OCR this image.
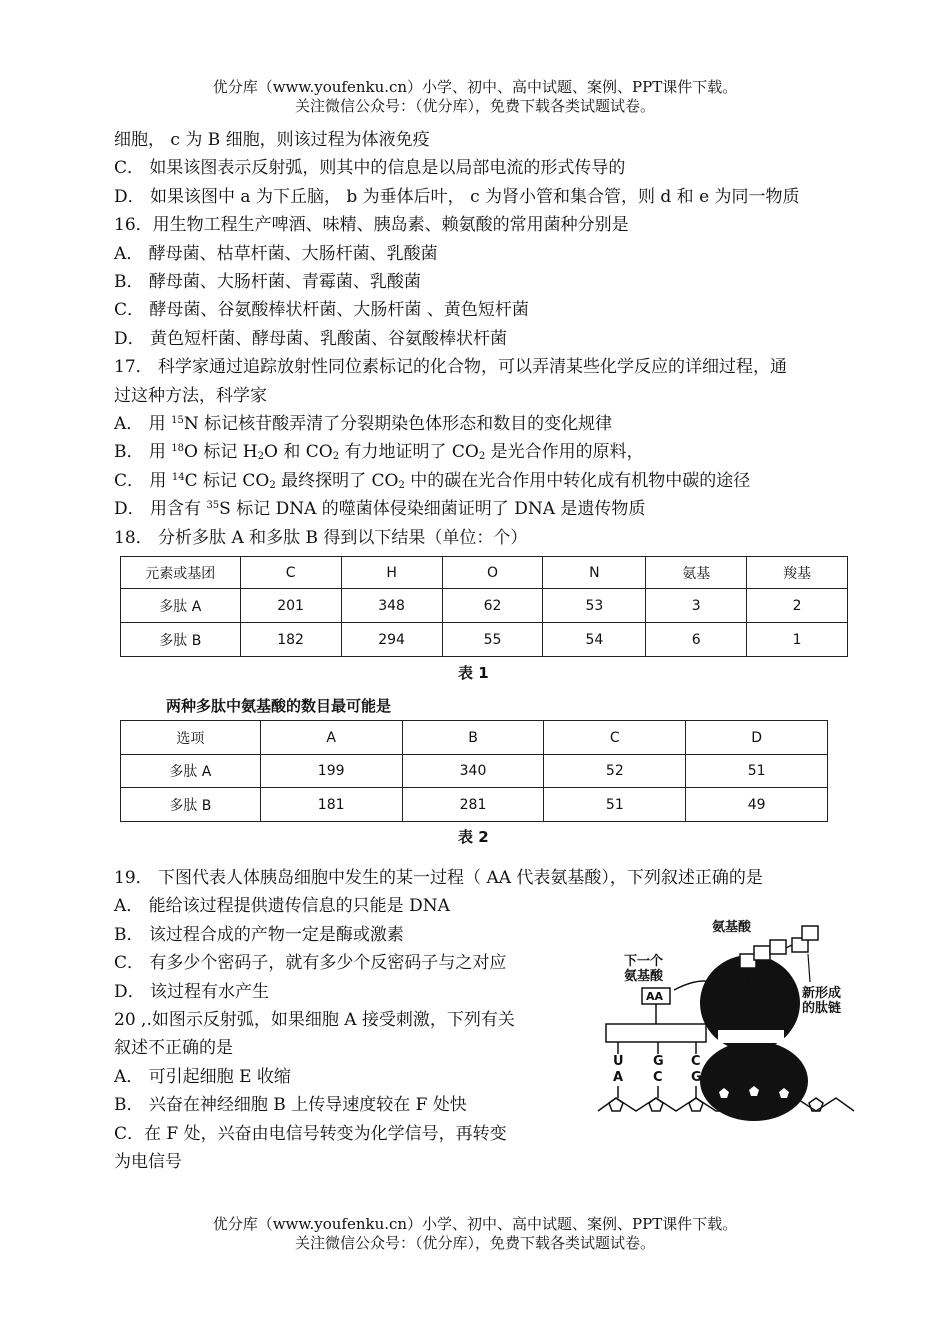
优分库（www.youfenku.cn）小学、初中、高中试题、案例、PPT课件下载。
关注微信公众号：（优分库），免费下载各类试题试卷。
细胞， c 为 B 细胞，则该过程为体液免疫
C． 如果该图表示反射弧，则其中的信息是以局部电流的形式传导的
D． 如果该图中 a 为下丘脑， b 为垂体后叶， c 为肾小管和集合管，则 d 和 e 为同一物质
16．用生物工程生产啤酒、味精、胰岛素、赖氨酸的常用菌种分别是
A． 酵母菌、枯草杆菌、大肠杆菌、乳酸菌
B． 酵母菌、大肠杆菌、青霉菌、乳酸菌
C． 酵母菌、谷氨酸棒状杆菌、大肠杆菌 、黄色短杆菌
D． 黄色短杆菌、酵母菌、乳酸菌、谷氨酸棒状杆菌
17． 科学家通过追踪放射性同位素标记的化合物，可以弄清某些化学反应的详细过程，通
过这种方法，科学家
A． 用 $^{15}$N 标记核苷酸弄清了分裂期染色体形态和数目的变化规律
B． 用 $^{18}$O 标记 $H_2O$ 和 $CO_2$ 有力地证明了 $CO_2$ 是光合作用的原料，
C． 用 $^{14}$C 标记 $CO_2$ 最终探明了 $CO_2$ 中的碳在光合作用中转化成有机物中碳的途径
D． 用含有 $^{35}$S 标记 DNA 的噬菌体侵染细菌证明了 DNA 是遗传物质
18． 分析多肽 A 和多肽 B 得到以下结果（单位：个）
元素或基团	C	H	O	N	氨基	羧基
多肽 A	201	348	62	53	3	2
多肽 B	182	294	55	54	6	1
表 1
两种多肽中氨基酸的数目最可能是
选项	A	B	C	D
多肽 A	199	340	52	51
多肽 B	181	281	51	49
表 2
19． 下图代表人体胰岛细胞中发生的某一过程（ AA 代表氨基酸），下列叙述正确的是
A． 能给该过程提供遗传信息的只能是 DNA
B． 该过程合成的产物一定是酶或激素
C． 有多少个密码子，就有多少个反密码子与之对应
D． 该过程有水产生
20 ,.如图示反射弧，如果细胞 A 接受刺激，下列有关
叙述不正确的是
A． 可引起细胞 E 收缩
B． 兴奋在神经细胞 B 上传导速度较在 F 处快
C．在 F 处，兴奋由电信号转变为化学信号，再转变
为电信号
氨基酸
下一个
氨基酸
新形成
的肽链
AA
U G C
A C G
优分库（www.youfenku.cn）小学、初中、高中试题、案例、PPT课件下载。
关注微信公众号：（优分库），免费下载各类试题试卷。
